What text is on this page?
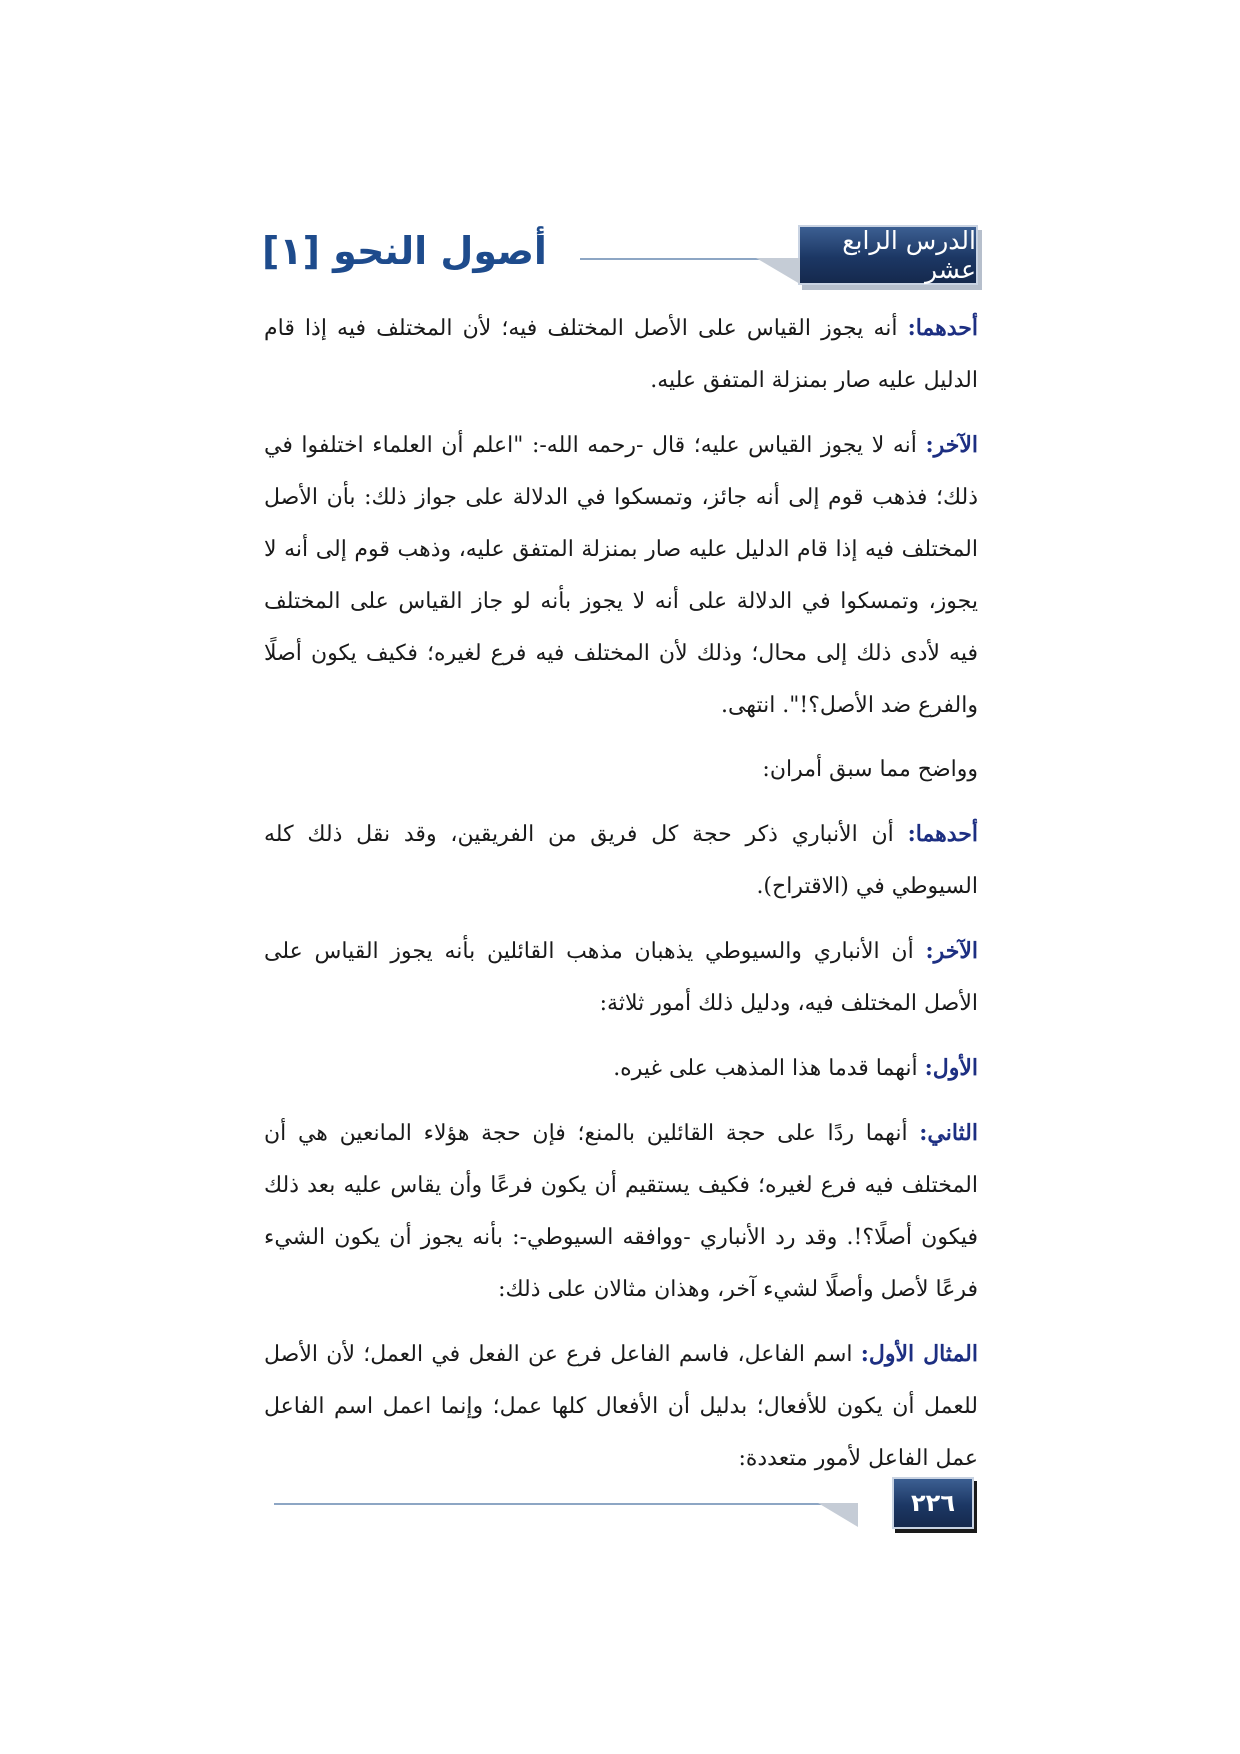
الدرس الرابع عشر
أصول النحو [١]

أحدهما: أنه يجوز القياس على الأصل المختلف فيه؛ لأن المختلف فيه إذا قام الدليل عليه صار بمنزلة المتفق عليه.

الآخر: أنه لا يجوز القياس عليه؛ قال -رحمه الله-: "اعلم أن العلماء اختلفوا في ذلك؛ فذهب قوم إلى أنه جائز، وتمسكوا في الدلالة على جواز ذلك: بأن الأصل المختلف فيه إذا قام الدليل عليه صار بمنزلة المتفق عليه، وذهب قوم إلى أنه لا يجوز، وتمسكوا في الدلالة على أنه لا يجوز بأنه لو جاز القياس على المختلف فيه لأدى ذلك إلى محال؛ وذلك لأن المختلف فيه فرع لغيره؛ فكيف يكون أصلًا والفرع ضد الأصل؟!". انتهى.

وواضح مما سبق أمران:

أحدهما: أن الأنباري ذكر حجة كل فريق من الفريقين، وقد نقل ذلك كله السيوطي في (الاقتراح).

الآخر: أن الأنباري والسيوطي يذهبان مذهب القائلين بأنه يجوز القياس على الأصل المختلف فيه، ودليل ذلك أمور ثلاثة:

الأول: أنهما قدما هذا المذهب على غيره.

الثاني: أنهما ردًا على حجة القائلين بالمنع؛ فإن حجة هؤلاء المانعين هي أن المختلف فيه فرع لغيره؛ فكيف يستقيم أن يكون فرعًا وأن يقاس عليه بعد ذلك فيكون أصلًا؟!. وقد رد الأنباري -ووافقه السيوطي-: بأنه يجوز أن يكون الشيء فرعًا لأصل وأصلًا لشيء آخر، وهذان مثالان على ذلك:

المثال الأول: اسم الفاعل، فاسم الفاعل فرع عن الفعل في العمل؛ لأن الأصل للعمل أن يكون للأفعال؛ بدليل أن الأفعال كلها عمل؛ وإنما اعمل اسم الفاعل عمل الفاعل لأمور متعددة:

٢٢٦
